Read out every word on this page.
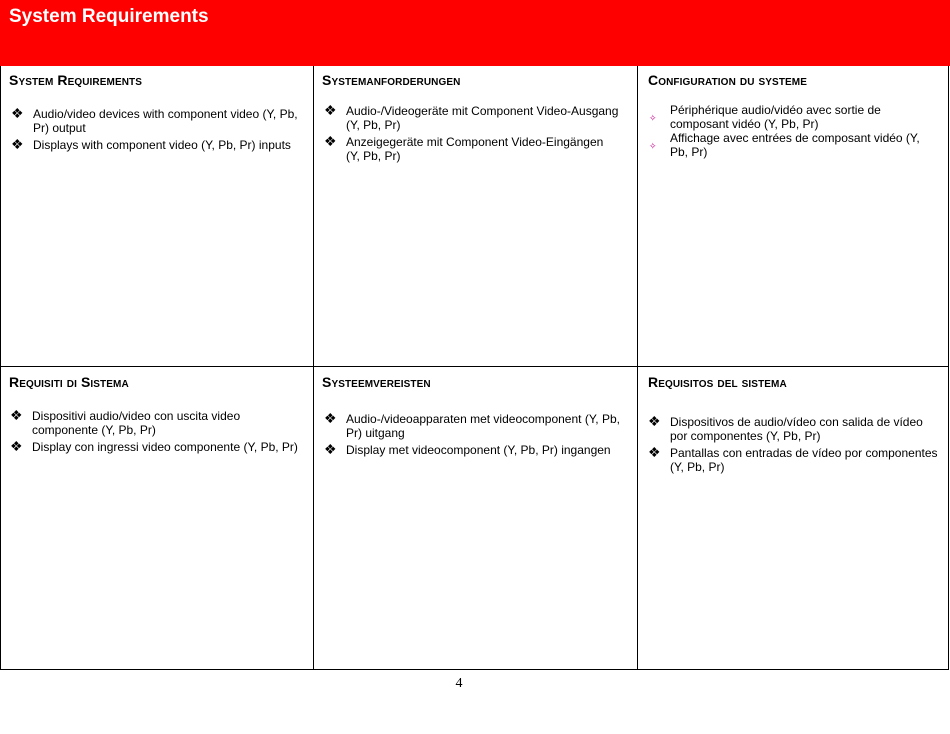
System Requirements
System Requirements
❖ Audio/video devices with component video (Y, Pb, Pr) output
❖ Displays with component video (Y, Pb, Pr) inputs
Systemanforderungen
❖ Audio-/Videogeräte mit Component Video-Ausgang (Y, Pb, Pr)
❖ Anzeigegeräte mit Component Video-Eingängen (Y, Pb, Pr)
Configuration du systeme
✧
Périphérique audio/vidéo avec sortie de composant vidéo (Y, Pb, Pr)
✧
Affichage avec entrées de composant vidéo (Y, Pb, Pr)
Requisiti di Sistema
❖ Dispositivi audio/video con uscita video componente (Y, Pb, Pr)
❖ Display con ingressi video componente (Y, Pb, Pr)
Systeemvereisten
❖ Audio-/videoapparaten met videocomponent (Y, Pb, Pr) uitgang
❖ Display met videocomponent (Y, Pb, Pr) ingangen
Requisitos del sistema
❖ Dispositivos de audio/vídeo con salida de vídeo por componentes (Y, Pb, Pr)
❖ Pantallas con entradas de vídeo por componentes (Y, Pb, Pr)
4
